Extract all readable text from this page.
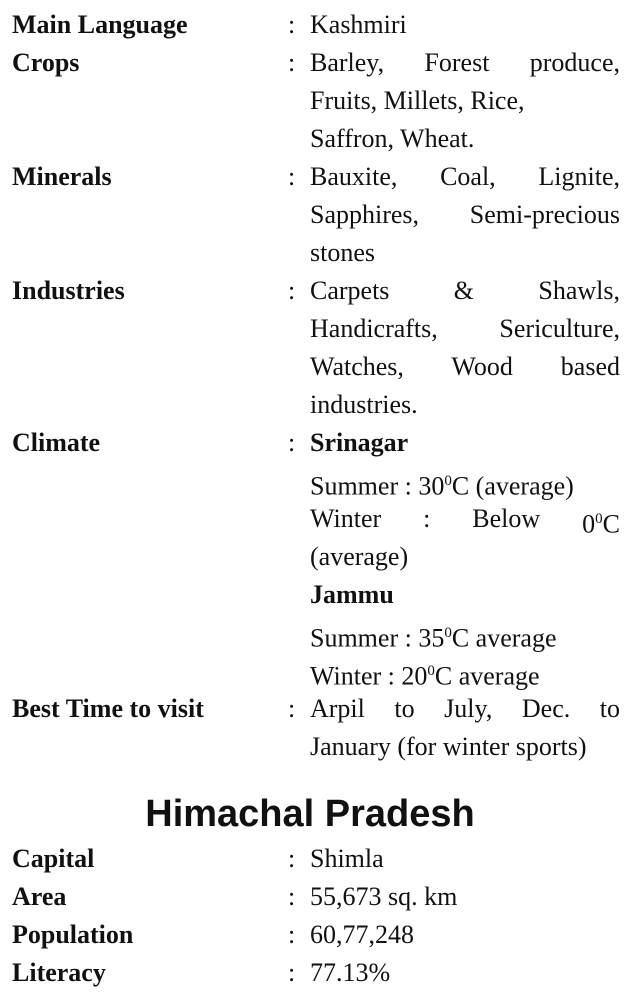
Main Language	: Kashmiri
Crops	: Barley, Forest produce,
Fruits, Millets, Rice,
Saffron, Wheat.
Minerals	: Bauxite, Coal, Lignite,
Sapphires, Semi-precious
stones
Industries	: Carpets & Shawls,
Handicrafts, Sericulture,
Watches, Wood based
industries.
Climate	: Srinagar
Summer : $30^0C$ (average)
Winter : Below $0^0C$
(average)
Jammu
Summer : $35^0C$ average
Winter : $20^0C$ average
Best Time to visit	: Arpil to July, Dec. to
January (for winter sports)
Himachal Pradesh
Capital	: Shimla
Area	: 55,673 sq. km
Population	: 60,77,248
Literacy	: 77.13%
